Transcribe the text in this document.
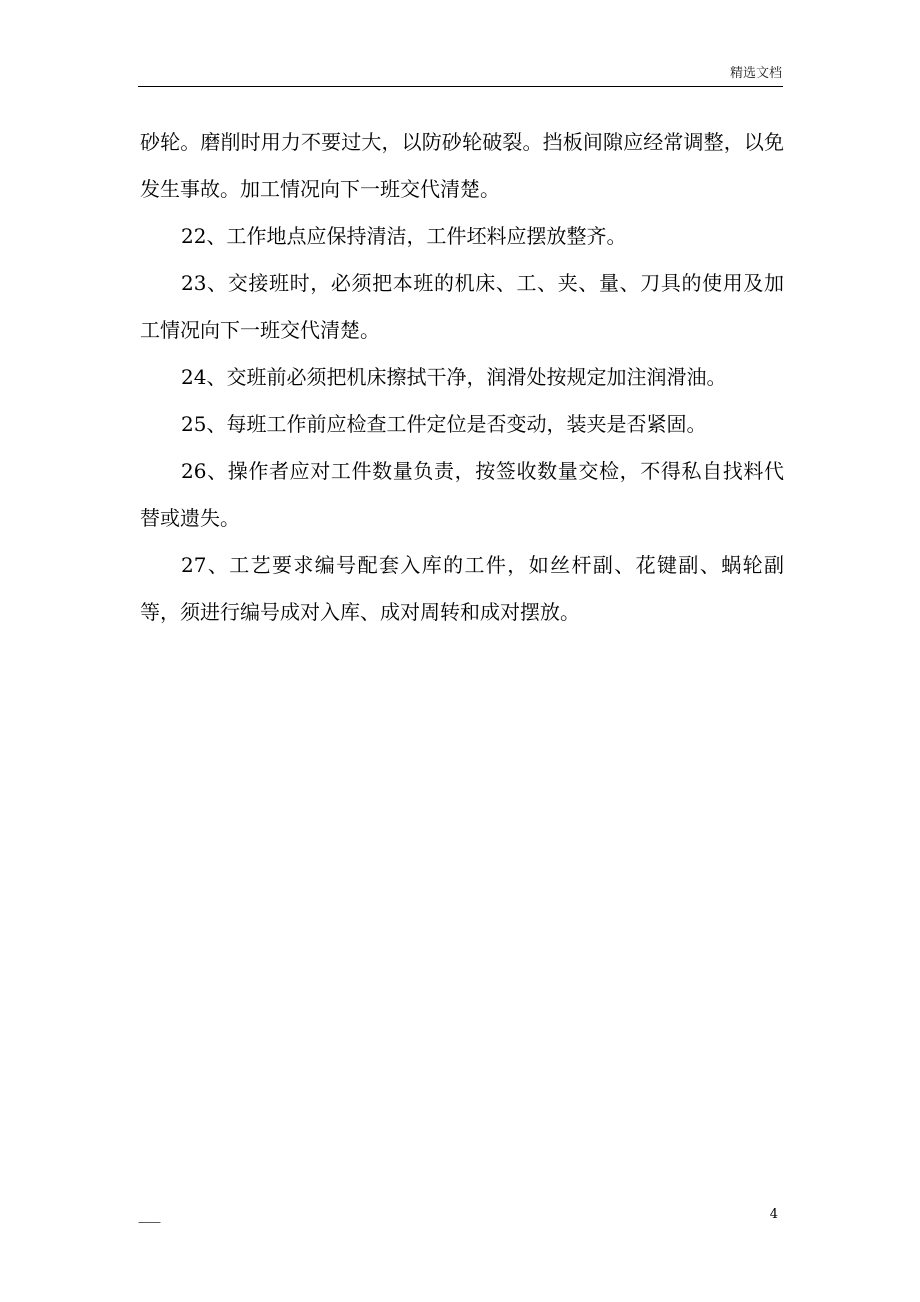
精选文档

砂轮。磨削时用力不要过大，以防砂轮破裂。挡板间隙应经常调整，以免发生事故。加工情况向下一班交代清楚。

22、工作地点应保持清洁，工件坯料应摆放整齐。

23、交接班时，必须把本班的机床、工、夹、量、刀具的使用及加工情况向下一班交代清楚。

24、交班前必须把机床擦拭干净，润滑处按规定加注润滑油。

25、每班工作前应检查工件定位是否变动，装夹是否紧固。

26、操作者应对工件数量负责，按签收数量交检，不得私自找料代替或遗失。

27、工艺要求编号配套入库的工件，如丝杆副、花键副、蜗轮副等，须进行编号成对入库、成对周转和成对摆放。

——	4
